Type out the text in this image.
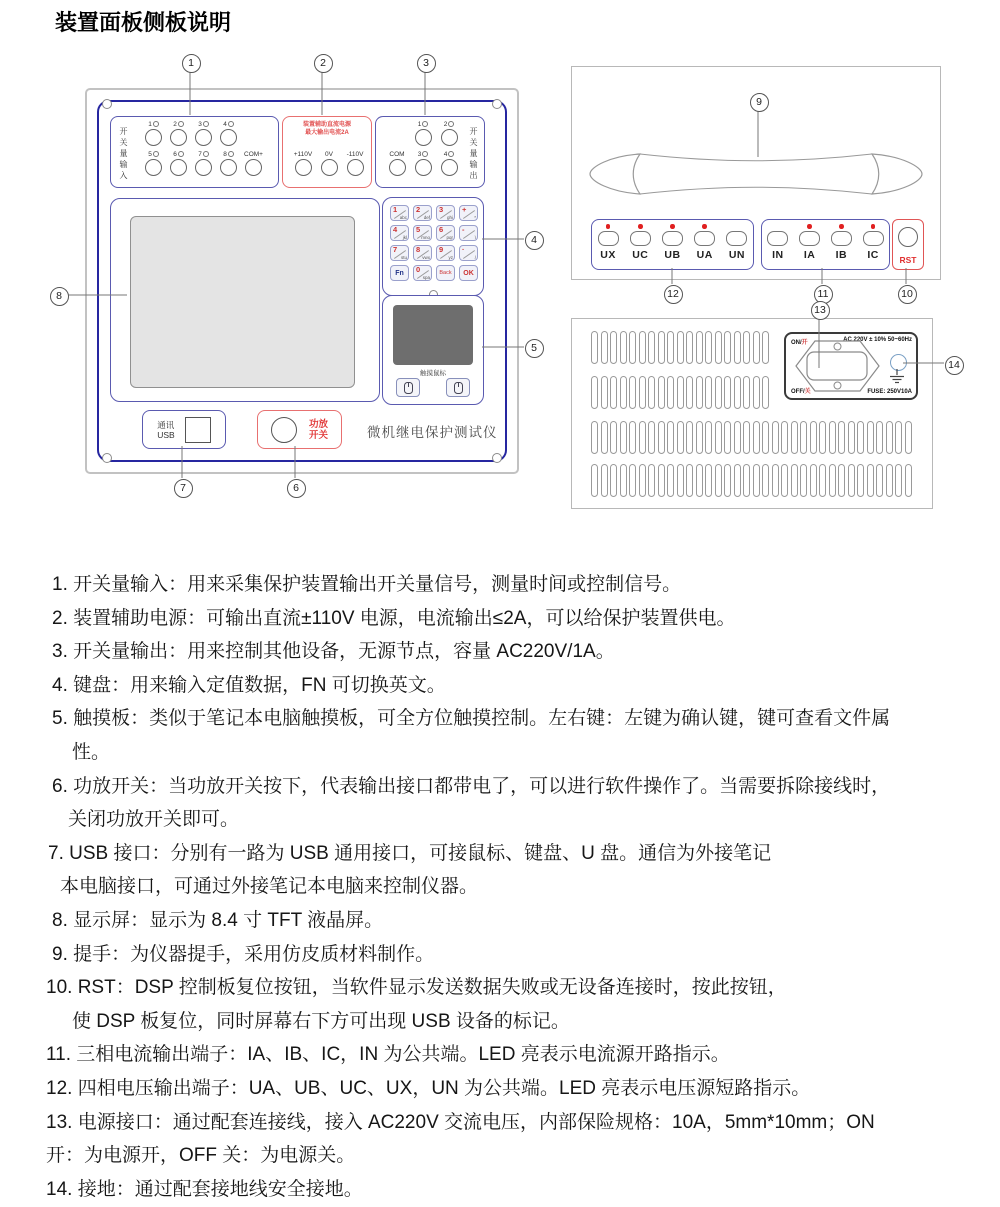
装置面板侧板说明
开关量输入
1	2	3	4
5	6	7	8	COM+
装置辅助直流电源
最大输出电流2A
+110V 0V -110V	开关量输出
1	2
COM 3	4
1
abc
2
def
3
ghi
+
*
4
jkl
5
mno
6
pqr
-
\
7
stu
8
vwx
9
yz
·
/
Fn 0
spa
Back OK
触摸鼠标
通讯
USB
功放
开关	微机继电保护测试仪
UX UC UB UA UN	IN IA IB IC	RST
ON/开	AC 220V ± 10% 50~60Hz
OFF/关	FUSE: 250V10A
1	2	3
4
5
6
7
8
9
10
11
12
13
14
1. 开关量输入：用来采集保护装置输出开关量信号，测量时间或控制信号。
2. 装置辅助电源：可输出直流±110V 电源，电流输出≤2A，可以给保护装置供电。
3. 开关量输出：用来控制其他设备，无源节点，容量 AC220V/1A。
4. 键盘：用来输入定值数据，FN 可切换英文。
5. 触摸板：类似于笔记本电脑触摸板，可全方位触摸控制。左右键：左键为确认键，键可查看文件属
性。
6. 功放开关：当功放开关按下，代表输出接口都带电了，可以进行软件操作了。当需要拆除接线时，
关闭功放开关即可。
7. USB 接口：分别有一路为 USB 通用接口，可接鼠标、键盘、U 盘。通信为外接笔记
本电脑接口，可通过外接笔记本电脑来控制仪器。
8. 显示屏：显示为 8.4 寸 TFT 液晶屏。
9. 提手：为仪器提手，采用仿皮质材料制作。
10. RST：DSP 控制板复位按钮，当软件显示发送数据失败或无设备连接时，按此按钮，
使 DSP 板复位，同时屏幕右下方可出现 USB 设备的标记。
11. 三相电流输出端子：IA、IB、IC，IN 为公共端。LED 亮表示电流源开路指示。
12. 四相电压输出端子：UA、UB、UC、UX，UN 为公共端。LED 亮表示电压源短路指示。
13. 电源接口：通过配套连接线，接入 AC220V 交流电压，内部保险规格：10A，5mm*10mm；ON
开：为电源开，OFF 关：为电源关。
14. 接地：通过配套接地线安全接地。
